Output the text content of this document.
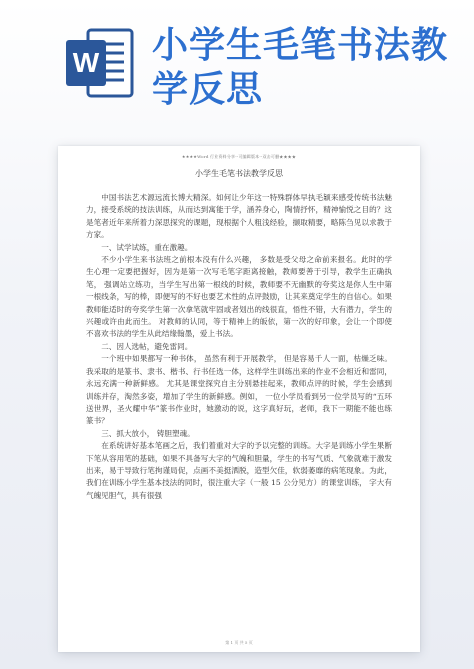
W 小学生毛笔书法教学反思
★★★★Word 行业资料分享--可编辑版本--双击可删★★★★
小学生毛笔书法教学反思

中国书法艺术源远流长博大精深。如何让少年这一特殊群体早执毛颖来感受传统书法魅力，接受系统的技法训练，从而达到寓能于学，涵养身心，陶情抒怀，精神愉悦之目的？这是笔者近年来所着力深思探究的课题，现根据个人粗浅经验，撷取精要，略陈刍见以求教于方家。

一、试学试练，重在激趣。

不少小学生来书法班之前根本没有什么兴趣， 多数是受父母之命前来报名。此时的学生心理一定要把握好，因为是第一次写毛笔字距离接触，教师要善于引导，教学生正确执笔， 强调站立练功，当学生写出第一根线的时候，教师要不无幽默的夸奖这是你人生中第一根线条，写的棒，即便写的不好也要艺术性的点评鼓励，让其来奠定学生的自信心。如果教师能适时的夸奖学生第一次拿笔就牢固或者划出的线很直，悟性不错，大有潜力，学生的兴趣或许由此而生。 对教师的认同，等于精神上的皈依，第一次的好印象，会让一个即使不喜欢书法的学生从此结缘翰墨，爱上书法。

二、因人选帖，避免雷同。

一个班中如果都写一种书体， 虽然有利于开展教学， 但是容易千人一面，枯燥乏味。我采取的是篆书、隶书、楷书、行书任选一体，这样学生训练出来的作业不会相近和雷同，永远充满一种新鲜感。 尤其是课堂探究自主分别悬挂起来，教师点评的时候，学生会感到训练并存，淘然多姿，增加了学生的新鲜感。例如， 一位小学员看到另一位学员写的“五环送世界，圣火耀中华”篆书作业时，她激动的说，这字真好玩，老师，我下一期能不能也练篆书？

三、抓大放小， 铸胆塑魂。

在系统讲好基本笔画之后，我们着重对大字的予以完整的训练。大字是训练小学生果断下笔从容用笔的基础，如果不具备写大字的气魄和胆量，学生的书写气质、气象就难于激发出来，易于导致行笔拘谨局促，点画不美挺洒脱，造型欠佳，软弱萎靡的病笔现象。为此，我们在训练小学生基本技法的同时，很注重大字（一般 15 公分见方）的课堂训练， 字大有气魄见胆气，具有很强

第 1 页 共 5 页
